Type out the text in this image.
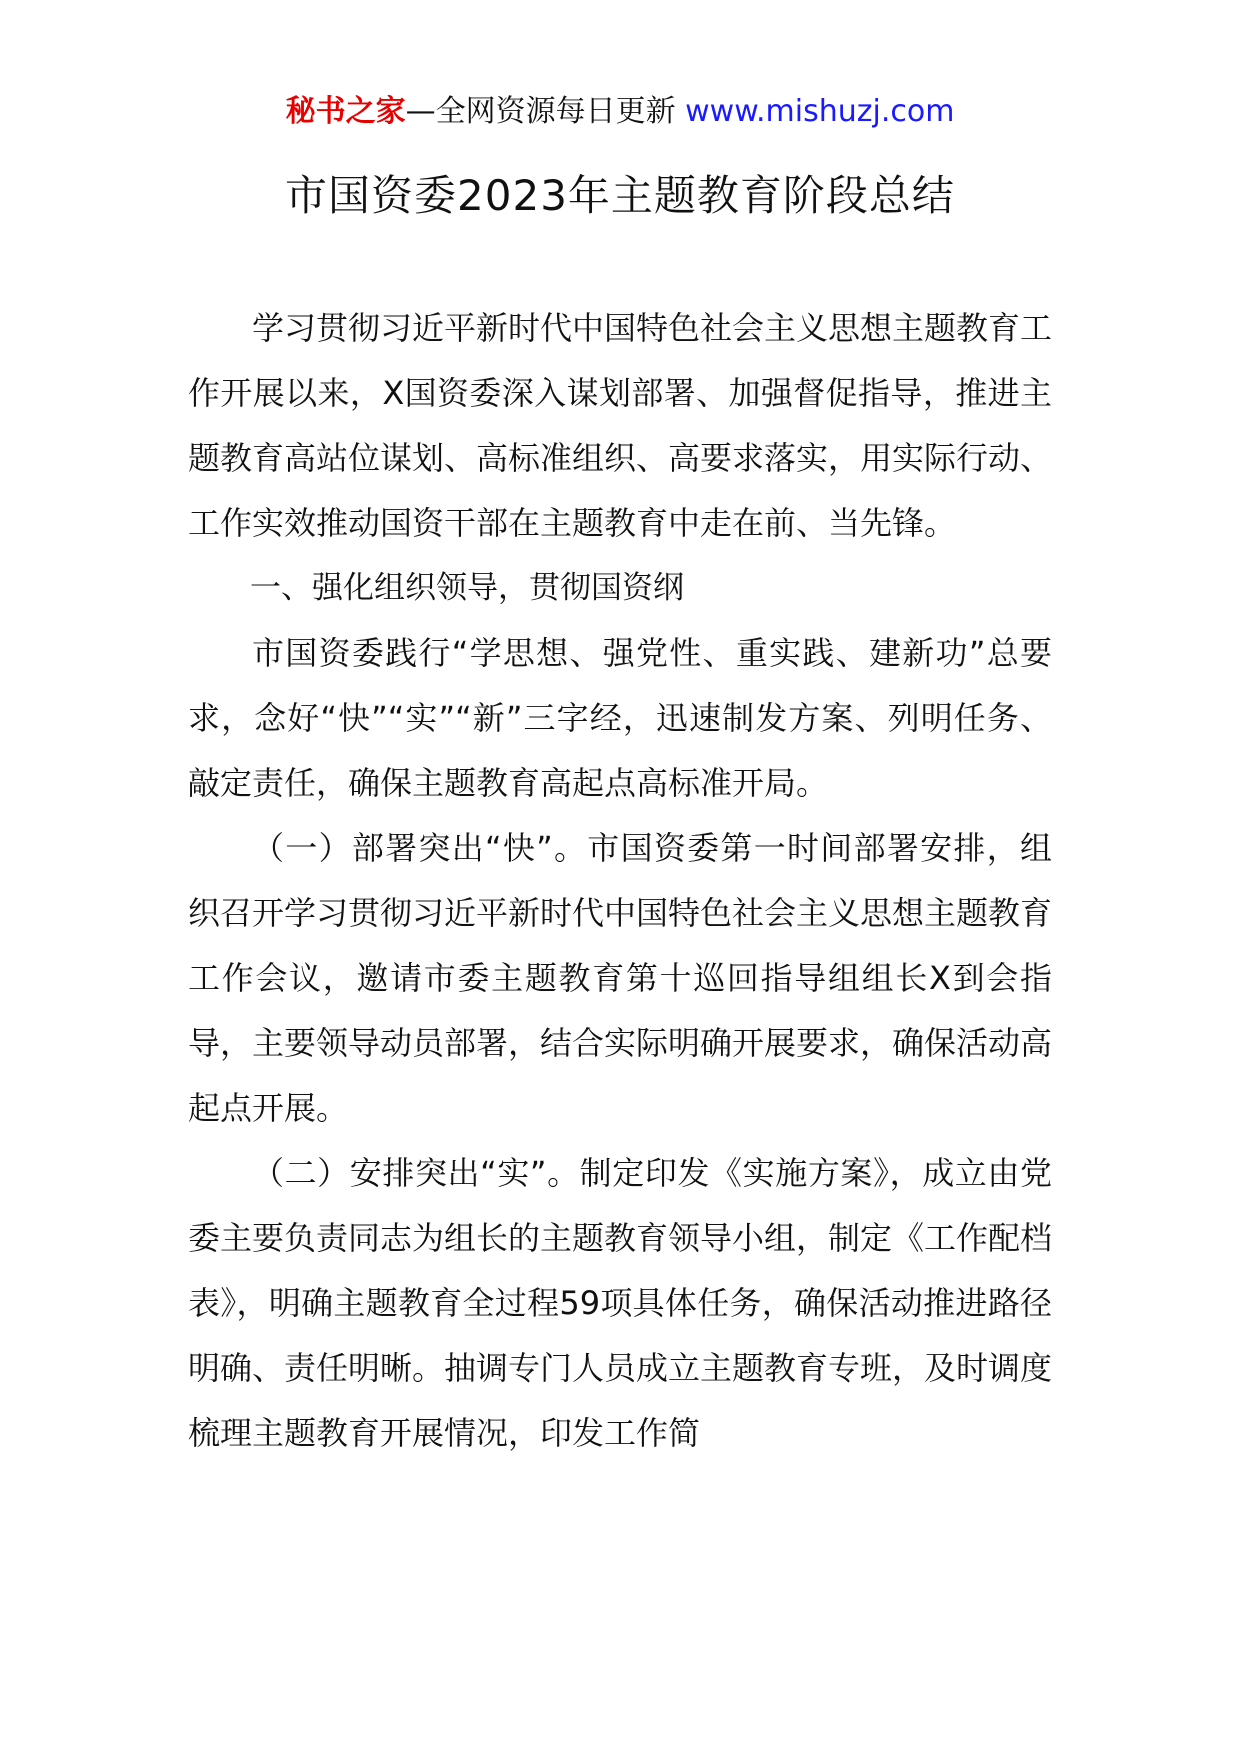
秘书之家—全网资源每日更新 www.mishuzj.com
市国资委2023年主题教育阶段总结

学习贯彻习近平新时代中国特色社会主义思想主题教育工作开展以来，X国资委深入谋划部署、加强督促指导，推进主题教育高站位谋划、高标准组织、高要求落实，用实际行动、工作实效推动国资干部在主题教育中走在前、当先锋。

一、强化组织领导，贯彻国资纲

市国资委践行“学思想、强党性、重实践、建新功”总要求，念好“快”“实”“新”三字经，迅速制发方案、列明任务、敲定责任，确保主题教育高起点高标准开局。

（一）部署突出“快”。市国资委第一时间部署安排，组织召开学习贯彻习近平新时代中国特色社会主义思想主题教育工作会议，邀请市委主题教育第十巡回指导组组长X到会指导，主要领导动员部署，结合实际明确开展要求，确保活动高起点开展。

（二）安排突出“实”。制定印发《实施方案》，成立由党委主要负责同志为组长的主题教育领导小组，制定《工作配档表》，明确主题教育全过程59项具体任务，确保活动推进路径明确、责任明晰。抽调专门人员成立主题教育专班，及时调度梳理主题教育开展情况，印发工作简
